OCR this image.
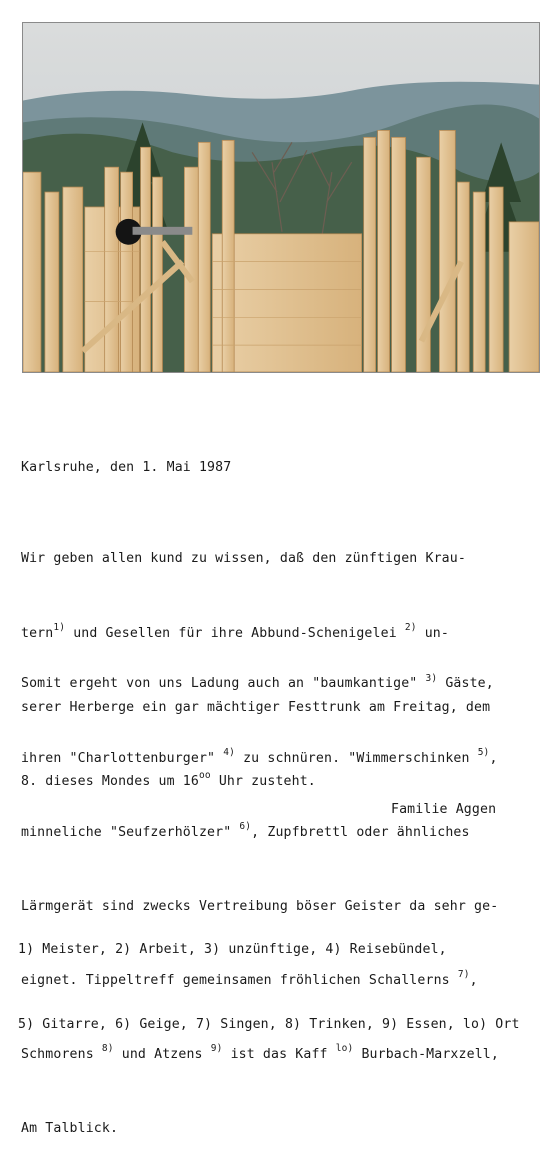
Karlsruhe, den 1. Mai 1987

Wir geben allen kund zu wissen, daß den zünftigen Krau-

tern$^{1)}$ und Gesellen für ihre Abbund-Schenigelei $^{2)}$ un-

serer Herberge ein gar mächtiger Festtrunk am Freitag, dem

8. dieses Mondes um $16^{oo}$ Uhr zusteht.

Somit ergeht von uns Ladung auch an "baumkantige" $^{3)}$ Gäste,

ihren "Charlottenburger" $^{4)}$ zu schnüren. "Wimmerschinken $^{5)}$,

minneliche "Seufzerhölzer" $^{6)}$, Zupfbrettl oder ähnliches

Lärmgerät sind zwecks Vertreibung böser Geister da sehr ge-

eignet. Tippeltreff gemeinsamen fröhlichen Schallerns $^{7)}$,

Schmorens $^{8)}$ und Atzens $^{9)}$ ist das Kaff $^{lo)}$ Burbach-Marxzell,

Am Talblick.

Familie Aggen

1) Meister, 2) Arbeit, 3) unzünftige, 4) Reisebündel,

5) Gitarre, 6) Geige, 7) Singen, 8) Trinken, 9) Essen, lo) Ort
